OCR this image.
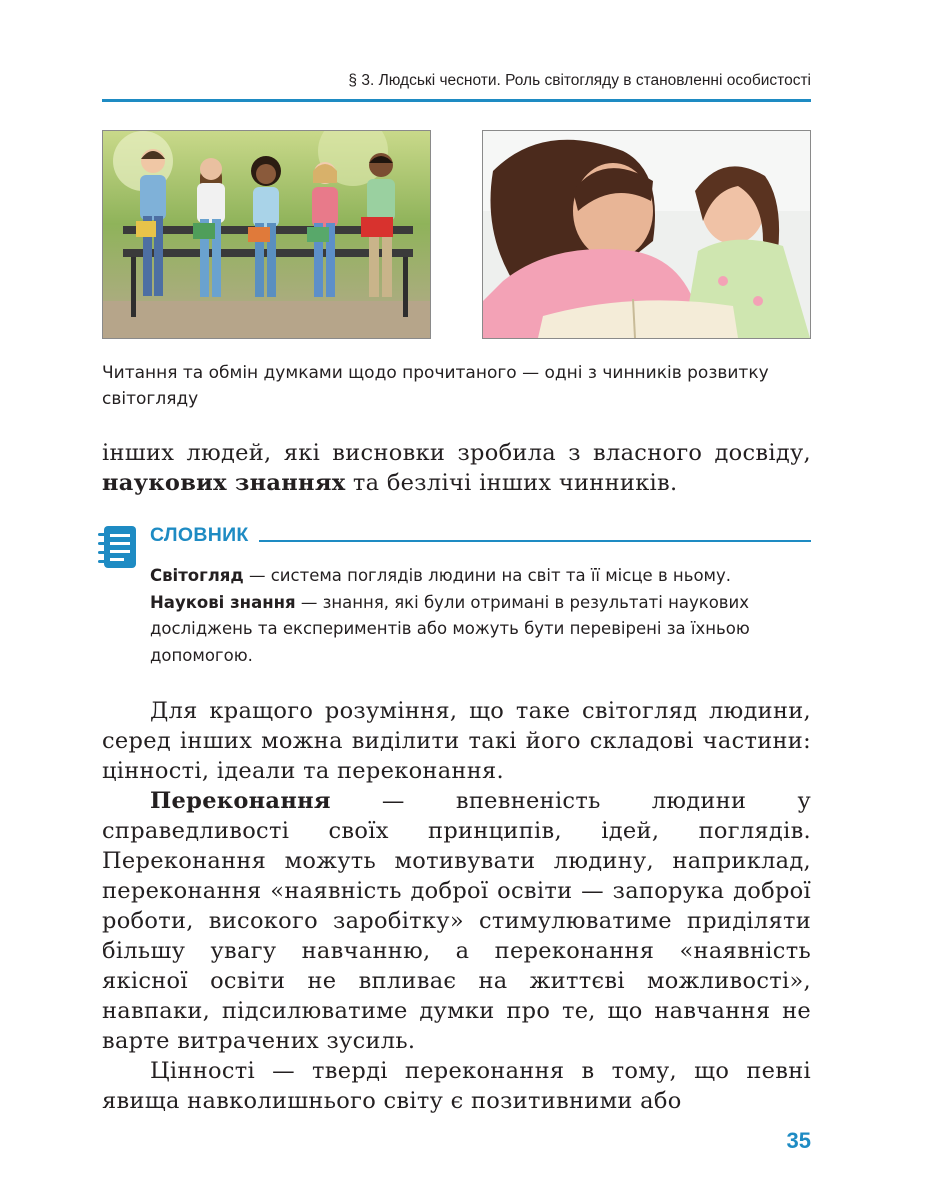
§ 3. Людські чесноти. Роль світогляду в становленні особистості
Читання та обмін думками щодо прочитаного — одні з чинників розвитку світогляду
інших людей, які висновки зробила з власного досвіду, наукових знаннях та безлічі інших чинників.
СЛОВНИК

Світогляд — система поглядів людини на світ та її місце в ньому.

Наукові знання — знання, які були отримані в результаті наукових досліджень та експериментів або можуть бути перевірені за їхньою допомогою.

Для кращого розуміння, що таке світогляд людини, серед інших можна виділити такі його складові частини: цінності, ідеали та переконання.
Переконання — впевненість людини у справедливості своїх принципів, ідей, поглядів. Переконання можуть мотивувати людину, наприклад, переконання «наявність доброї освіти — запорука доброї роботи, високого заробітку» стимулюватиме приділяти більшу увагу навчанню, а переконання «наявність якісної освіти не впливає на життєві можливості», навпаки, підсилюватиме думки про те, що навчання не варте витрачених зусиль.
Цінності — тверді переконання в тому, що певні явища навколишнього світу є позитивними або
35
